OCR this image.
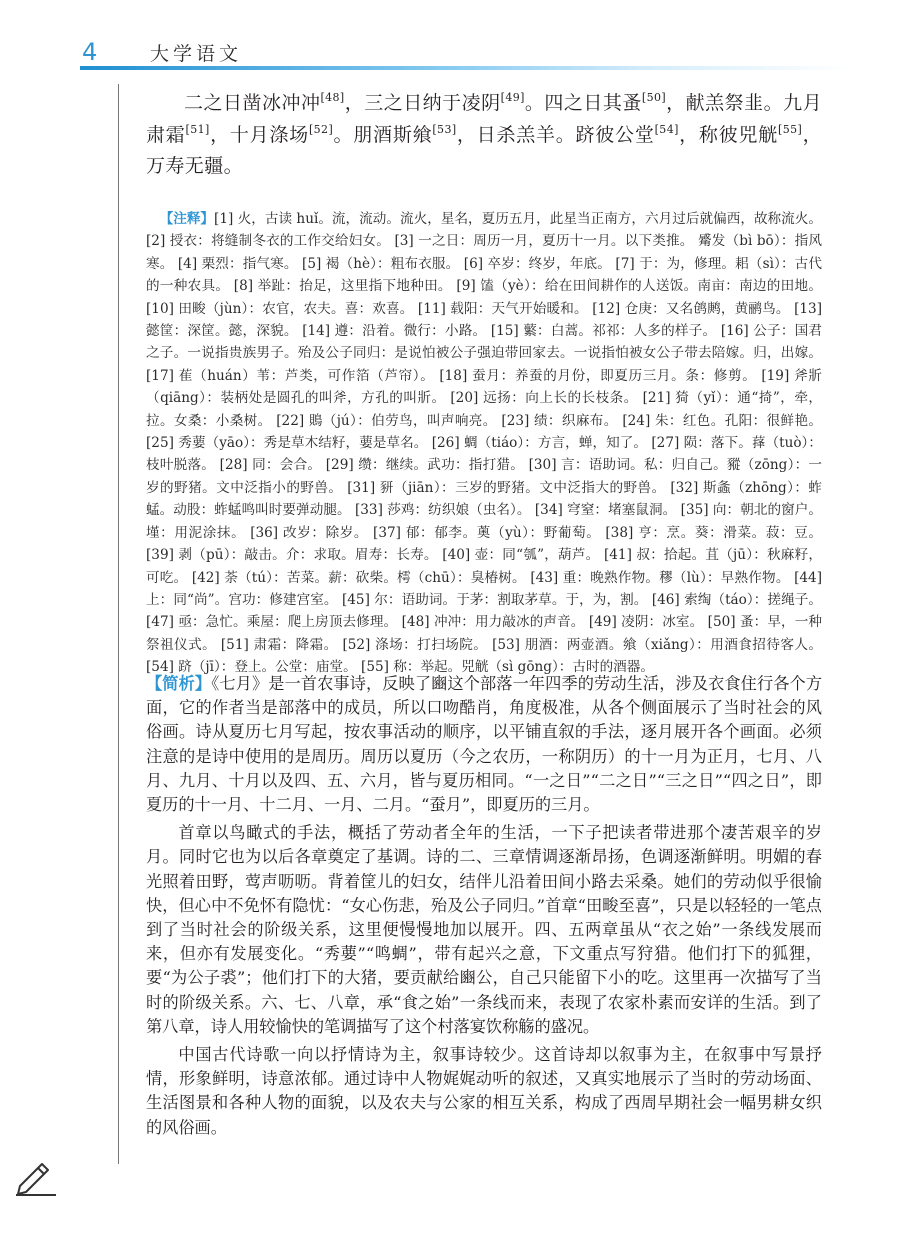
4	大学语文

二之日凿冰冲冲[48]，三之日纳于凌阴[49]。四之日其蚤[50]，献羔祭韭。九月肃霜[51]，十月涤场[52]。朋酒斯飨[53]，日杀羔羊。跻彼公堂[54]，称彼兕觥[55]，万寿无疆。

【注释】[1] 火，古读 huǐ。流，流动。流火，星名，夏历五月，此星当正南方，六月过后就偏西，故称流火。 [2] 授衣：将缝制冬衣的工作交给妇女。 [3] 一之日：周历一月，夏历十一月。以下类推。 觱发（bì bō）：指风寒。 [4] 栗烈：指气寒。 [5] 褐（hè）：粗布衣服。 [6] 卒岁：终岁，年底。 [7] 于：为，修理。耜（sì）：古代的一种农具。 [8] 举趾：抬足，这里指下地种田。 [9] 馌（yè）：给在田间耕作的人送饭。南亩：南边的田地。 [10] 田畯（jùn）：农官，农夫。喜：欢喜。 [11] 载阳：天气开始暖和。 [12] 仓庚：又名鸧鹒，黄鹂鸟。 [13] 懿筐：深筐。懿，深貌。 [14] 遵：沿着。微行：小路。 [15] 蘩：白蒿。祁祁：人多的样子。 [16] 公子：国君之子。一说指贵族男子。殆及公子同归：是说怕被公子强迫带回家去。一说指怕被女公子带去陪嫁。归，出嫁。 [17] 萑（huán）苇：芦类，可作箔（芦帘）。 [18] 蚕月：养蚕的月份，即夏历三月。条：修剪。 [19] 斧斨（qiāng）：装柄处是圆孔的叫斧，方孔的叫斨。 [20] 远扬：向上长的长枝条。 [21] 猗（yǐ）：通“掎”，牵，拉。女桑：小桑树。 [22] 鵙（jú）：伯劳鸟，叫声响亮。 [23] 绩：织麻布。 [24] 朱：红色。孔阳：很鲜艳。 [25] 秀葽（yāo）：秀是草木结籽，葽是草名。 [26] 蜩（tiáo）：方言，蝉，知了。 [27] 陨：落下。萚（tuò）：枝叶脱落。 [28] 同：会合。 [29] 缵：继续。武功：指打猎。 [30] 言：语助词。私：归自己。豵（zōng）：一岁的野猪。文中泛指小的野兽。 [31] 豜（jiān）：三岁的野猪。文中泛指大的野兽。 [32] 斯螽（zhōng）：蚱蜢。动股：蚱蜢鸣叫时要弹动腿。 [33] 莎鸡：纺织娘（虫名）。 [34] 穹窒：堵塞鼠洞。 [35] 向：朝北的窗户。墐：用泥涂抹。 [36] 改岁：除岁。 [37] 郁：郁李。薁（yù）：野葡萄。 [38] 亨：烹。葵：滑菜。菽：豆。 [39] 剥（pū）：敲击。介：求取。眉寿：长寿。 [40] 壶：同“瓠”，葫芦。 [41] 叔：拾起。苴（jū）：秋麻籽，可吃。 [42] 荼（tú）：苦菜。薪：砍柴。樗（chū）：臭椿树。 [43] 重：晚熟作物。穋（lù）：早熟作物。 [44] 上：同“尚”。宫功：修建宫室。 [45] 尔：语助词。于茅：割取茅草。于，为，割。 [46] 索绹（táo）：搓绳子。 [47] 亟：急忙。乘屋：爬上房顶去修理。 [48] 冲冲：用力敲冰的声音。 [49] 凌阴：冰室。 [50] 蚤：早，一种祭祖仪式。 [51] 肃霜：降霜。 [52] 涤场：打扫场院。 [53] 朋酒：两壶酒。飨（xiǎng）：用酒食招待客人。 [54] 跻（jī）：登上。公堂：庙堂。 [55] 称：举起。兕觥（sì gōng）：古时的酒器。

【简析】《七月》是一首农事诗，反映了豳这个部落一年四季的劳动生活，涉及衣食住行各个方面，它的作者当是部落中的成员，所以口吻酷肖，角度极准，从各个侧面展示了当时社会的风俗画。诗从夏历七月写起，按农事活动的顺序，以平铺直叙的手法，逐月展开各个画面。必须注意的是诗中使用的是周历。周历以夏历（今之农历，一称阴历）的十一月为正月，七月、八月、九月、十月以及四、五、六月，皆与夏历相同。“一之日”“二之日”“三之日”“四之日”，即夏历的十一月、十二月、一月、二月。“蚕月”，即夏历的三月。

首章以鸟瞰式的手法，概括了劳动者全年的生活，一下子把读者带进那个凄苦艰辛的岁月。同时它也为以后各章奠定了基调。诗的二、三章情调逐渐昂扬，色调逐渐鲜明。明媚的春光照着田野，莺声呖呖。背着筐儿的妇女，结伴儿沿着田间小路去采桑。她们的劳动似乎很愉快，但心中不免怀有隐忧：“女心伤悲，殆及公子同归。”首章“田畯至喜”，只是以轻轻的一笔点到了当时社会的阶级关系，这里便慢慢地加以展开。四、五两章虽从“衣之始”一条线发展而来，但亦有发展变化。“秀葽”“鸣蜩”，带有起兴之意，下文重点写狩猎。他们打下的狐狸，要“为公子裘”；他们打下的大猪，要贡献给豳公，自己只能留下小的吃。这里再一次描写了当时的阶级关系。六、七、八章，承“食之始”一条线而来，表现了农家朴素而安详的生活。到了第八章，诗人用较愉快的笔调描写了这个村落宴饮称觞的盛况。

中国古代诗歌一向以抒情诗为主，叙事诗较少。这首诗却以叙事为主，在叙事中写景抒情，形象鲜明，诗意浓郁。通过诗中人物娓娓动听的叙述，又真实地展示了当时的劳动场面、生活图景和各种人物的面貌，以及农夫与公家的相互关系，构成了西周早期社会一幅男耕女织的风俗画。
